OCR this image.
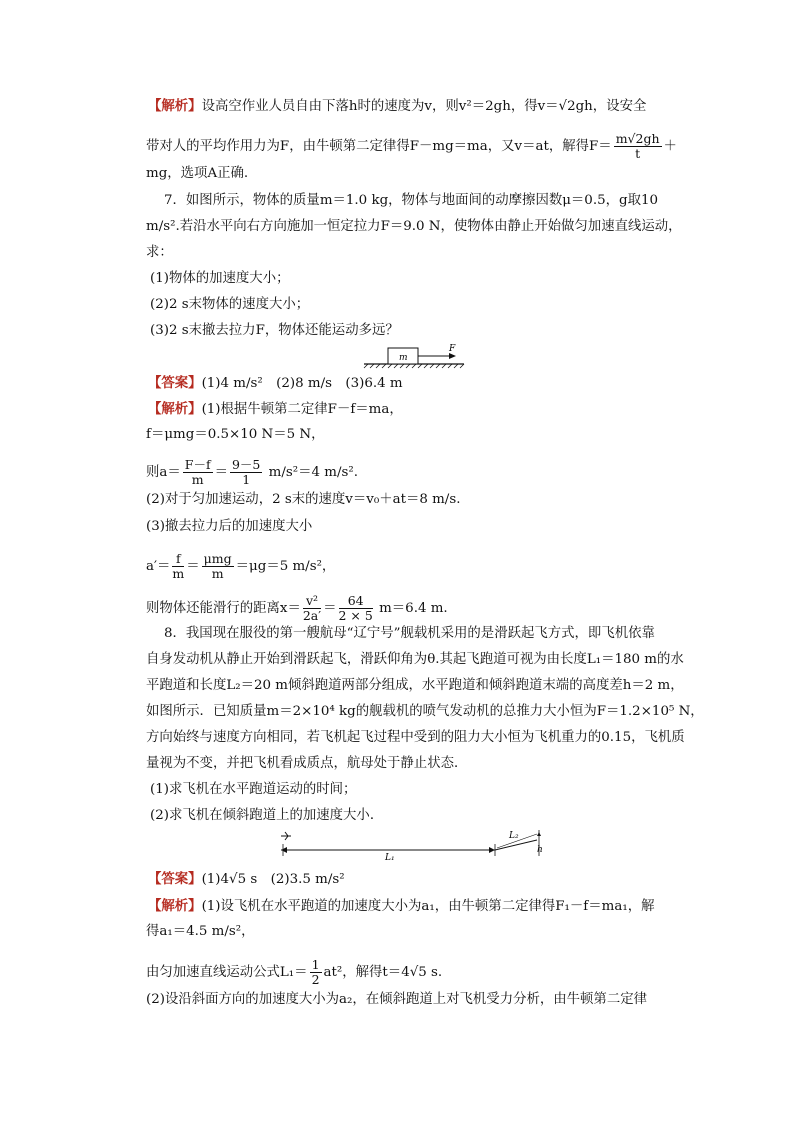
【解析】设高空作业人员自由下落h时的速度为v，则v²＝2gh，得v＝√2gh，设安全
带对人的平均作用力为F，由牛顿第二定律得F－mg＝ma，又v＝at，解得$F= \frac{m√2gh}{t}$ ＋
mg，选项A正确.
7．如图所示，物体的质量m＝1.0 kg，物体与地面间的动摩擦因数μ＝0.5，g取10
m/s².若沿水平向右方向施加一恒定拉力F＝9.0 N，使物体由静止开始做匀加速直线运动，
求：
(1)物体的加速度大小；
(2)2 s末物体的速度大小；
(3)2 s末撤去拉力F，物体还能运动多远？
m
F
【答案】(1)4 m/s²　(2)8 m/s　(3)6.4 m
【解析】(1)根据牛顿第二定律F－f＝ma，
f＝μmg＝0.5×10 N＝5 N，
则$a= \frac{F-f}{m} = \frac{9-5}{1} m/s^2=4$ m/s².
(2)对于匀加速运动，2 s末的速度v＝v₀＋at＝8 m/s.
(3)撤去拉力后的加速度大小
$a'= \frac{f}{m} = \frac{\text{μmg}}{m} =\mu g=5$ m/s²，
则物体还能滑行的距离$x= \frac{\text{v²}}{2a'} = \frac{64}{2 \times 5} m=6.4$ m.
8．我国现在服役的第一艘航母“辽宁号”舰载机采用的是滑跃起飞方式，即飞机依靠
自身发动机从静止开始到滑跃起飞，滑跃仰角为θ.其起飞跑道可视为由长度L₁＝180 m的水
平跑道和长度L₂＝20 m倾斜跑道两部分组成，水平跑道和倾斜跑道末端的高度差h＝2 m，
如图所示．已知质量m＝2×10⁴ kg的舰载机的喷气发动机的总推力大小恒为F＝1.2×10⁵ N，
方向始终与速度方向相同，若飞机起飞过程中受到的阻力大小恒为飞机重力的0.15，飞机质
量视为不变，并把飞机看成质点，航母处于静止状态．
(1)求飞机在水平跑道运动的时间；
(2)求飞机在倾斜跑道上的加速度大小．
L₁
L₂
h
【答案】(1)4√5 s　(2)3.5 m/s²
【解析】(1)设飞机在水平跑道的加速度大小为a₁，由牛顿第二定律得F₁－f＝ma₁，解
得a₁＝4.5 m/s²，
由匀加速直线运动公式$L_1= \frac{1}{2} at^2$，解得t＝4√5 s.
(2)设沿斜面方向的加速度大小为a₂，在倾斜跑道上对飞机受力分析，由牛顿第二定律
